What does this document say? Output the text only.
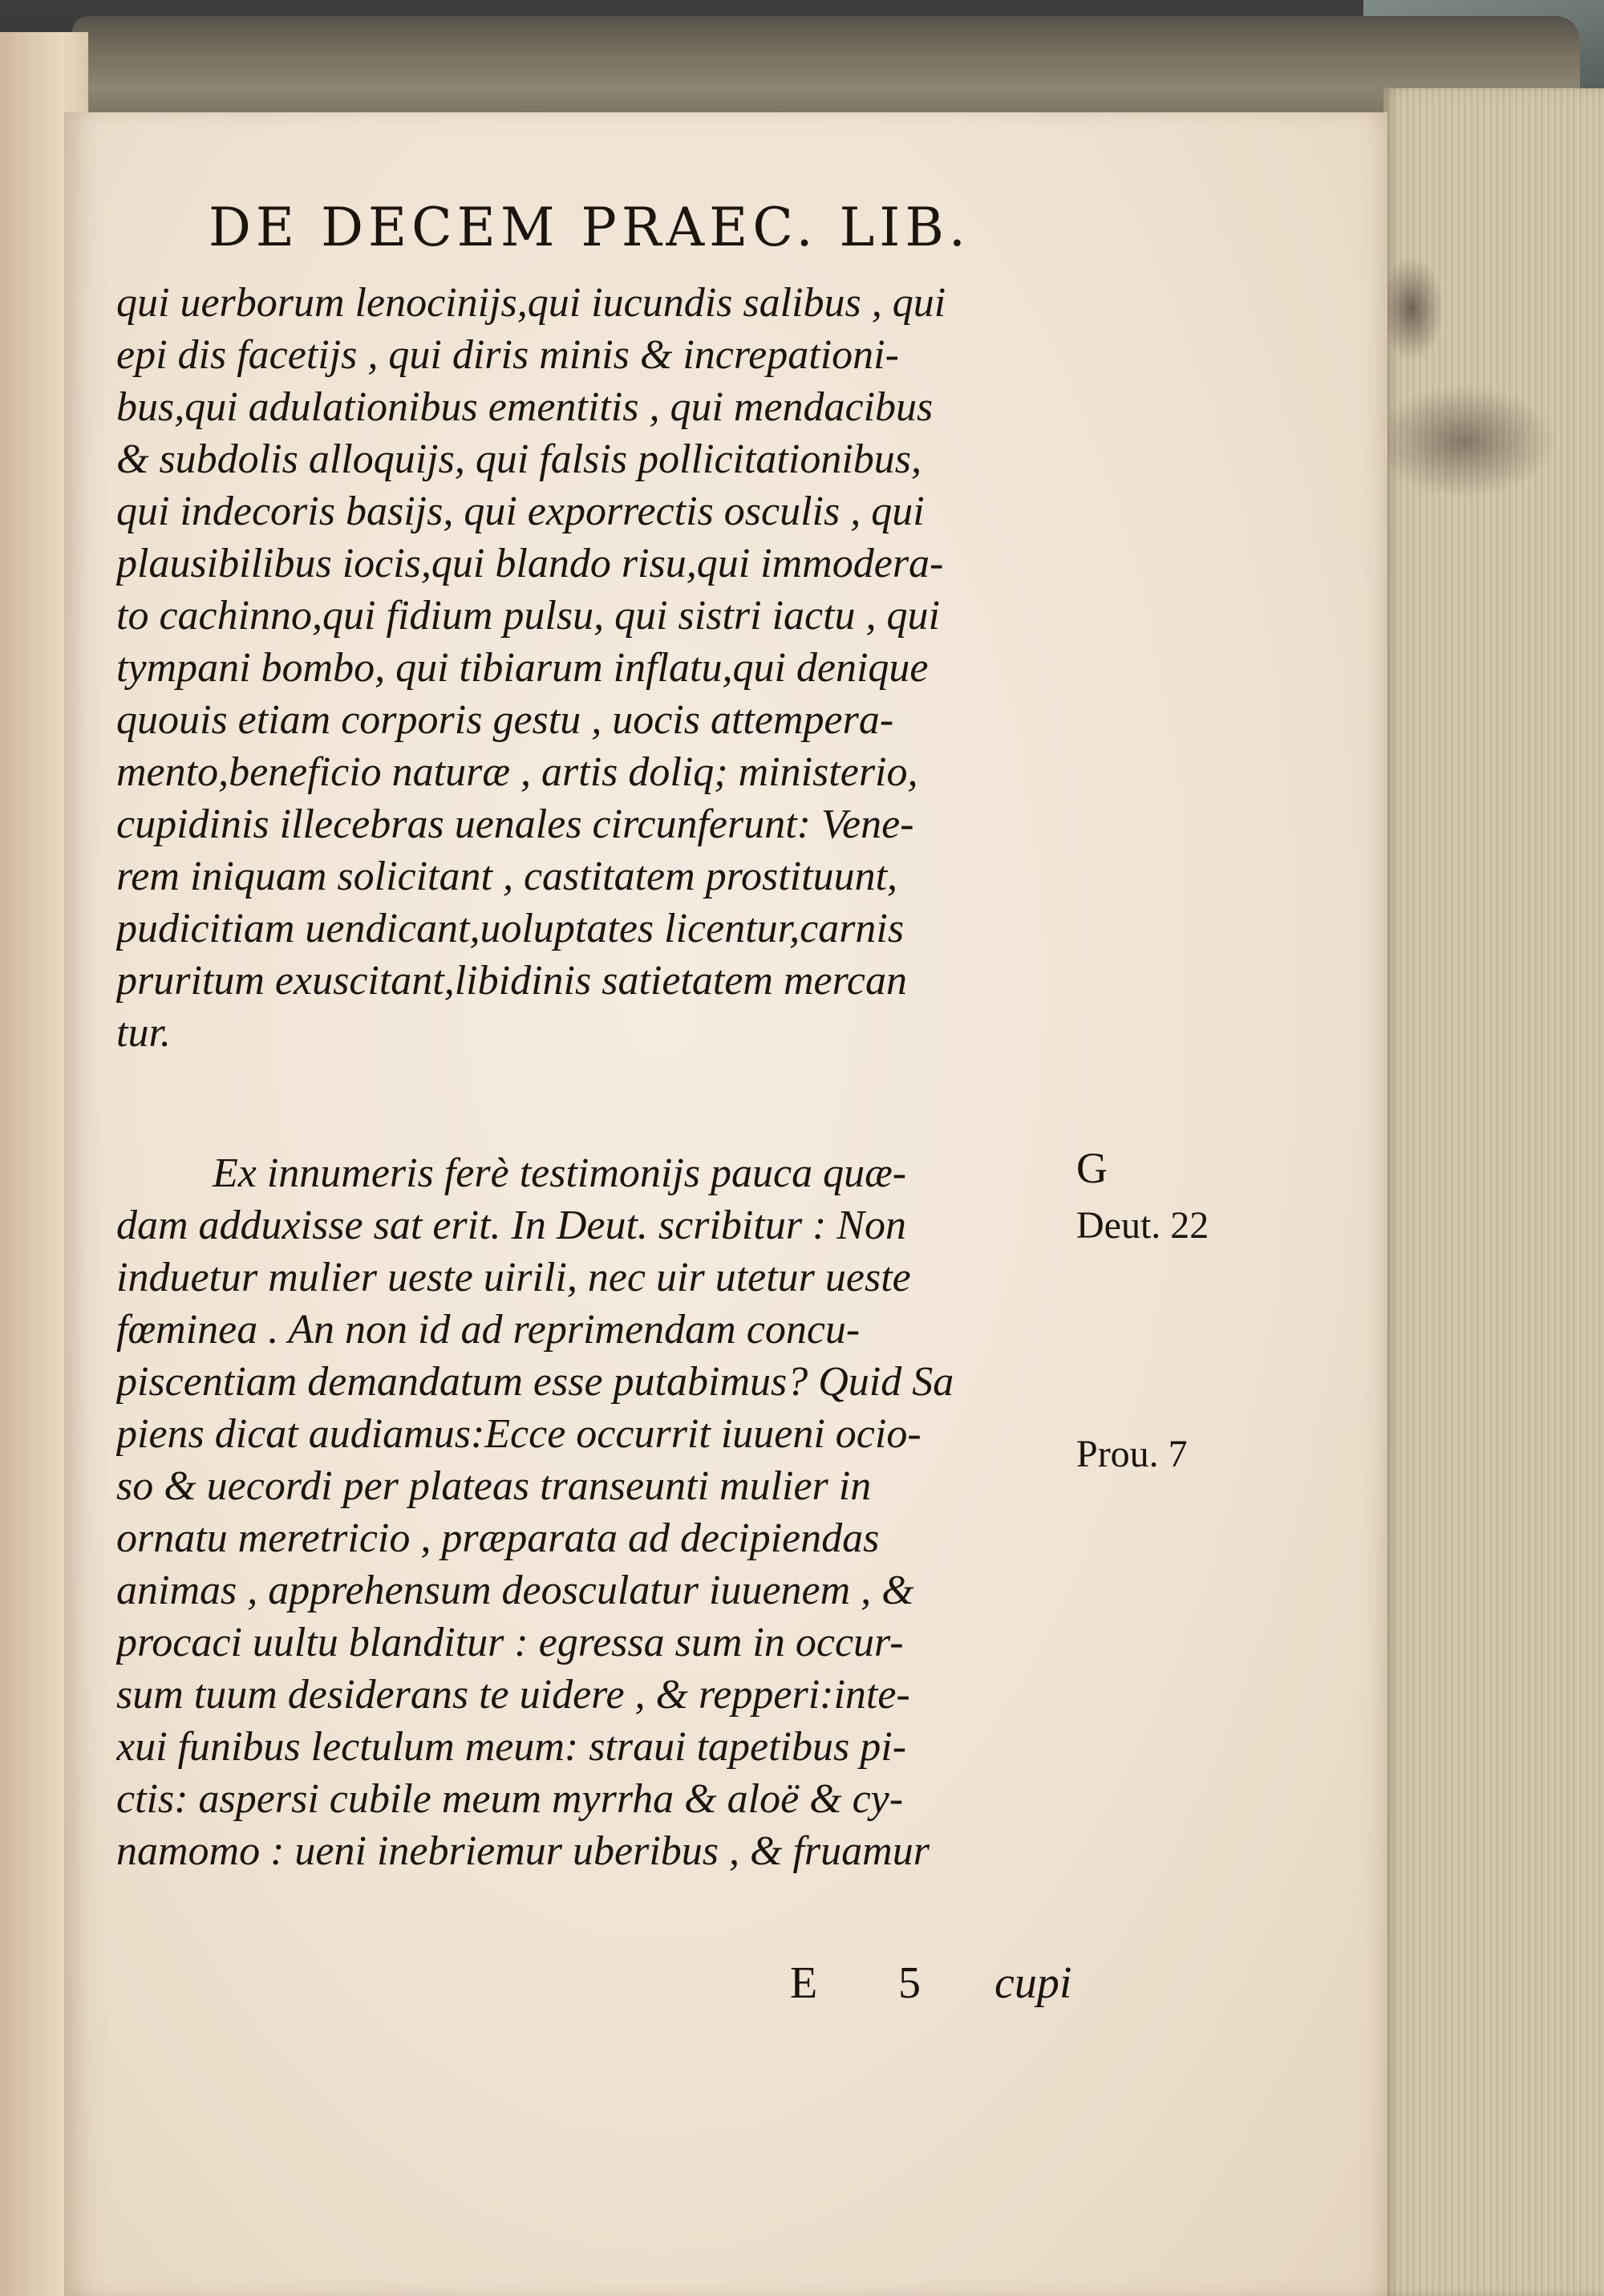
DE DECEM PRAEC. LIB.
qui uerborum lenocinijs,qui iucundis salibus , qui
epi dis facetijs , qui diris minis & increpationi-
bus,qui adulationibus ementitis , qui mendacibus
& subdolis alloquijs, qui falsis pollicitationibus,
qui indecoris basijs, qui exporrectis osculis , qui
plausibilibus iocis,qui blando risu,qui immodera-
to cachinno,qui fidium pulsu, qui sistri iactu , qui
tympani bombo, qui tibiarum inflatu,qui denique
quouis etiam corporis gestu , uocis attempera-
mento,beneficio naturæ , artis doliq; ministerio,
cupidinis illecebras uenales circunferunt: Vene-
rem iniquam solicitant , castitatem prostituunt,
pudicitiam uendicant,uoluptates licentur,carnis
pruritum exuscitant,libidinis satietatem mercan
tur.
Ex innumeris ferè testimonijs pauca quæ-
dam adduxisse sat erit. In Deut. scribitur : Non
induetur mulier ueste uirili, nec uir utetur ueste
fœminea . An non id ad reprimendam concu-
piscentiam demandatum esse putabimus? Quid Sa
piens dicat audiamus:Ecce occurrit iuueni ocio-
so & uecordi per plateas transeunti mulier in
ornatu meretricio , præparata ad decipiendas
animas , apprehensum deosculatur iuuenem , &
procaci uultu blanditur : egressa sum in occur-
sum tuum desiderans te uidere , & repperi:inte-
xui funibus lectulum meum: straui tapetibus pi-
ctis: aspersi cubile meum myrrha & aloë & cy-
namomo : ueni inebriemur uberibus , & fruamur
G
Deut. 22
Prou. 7
E 5 cupi
